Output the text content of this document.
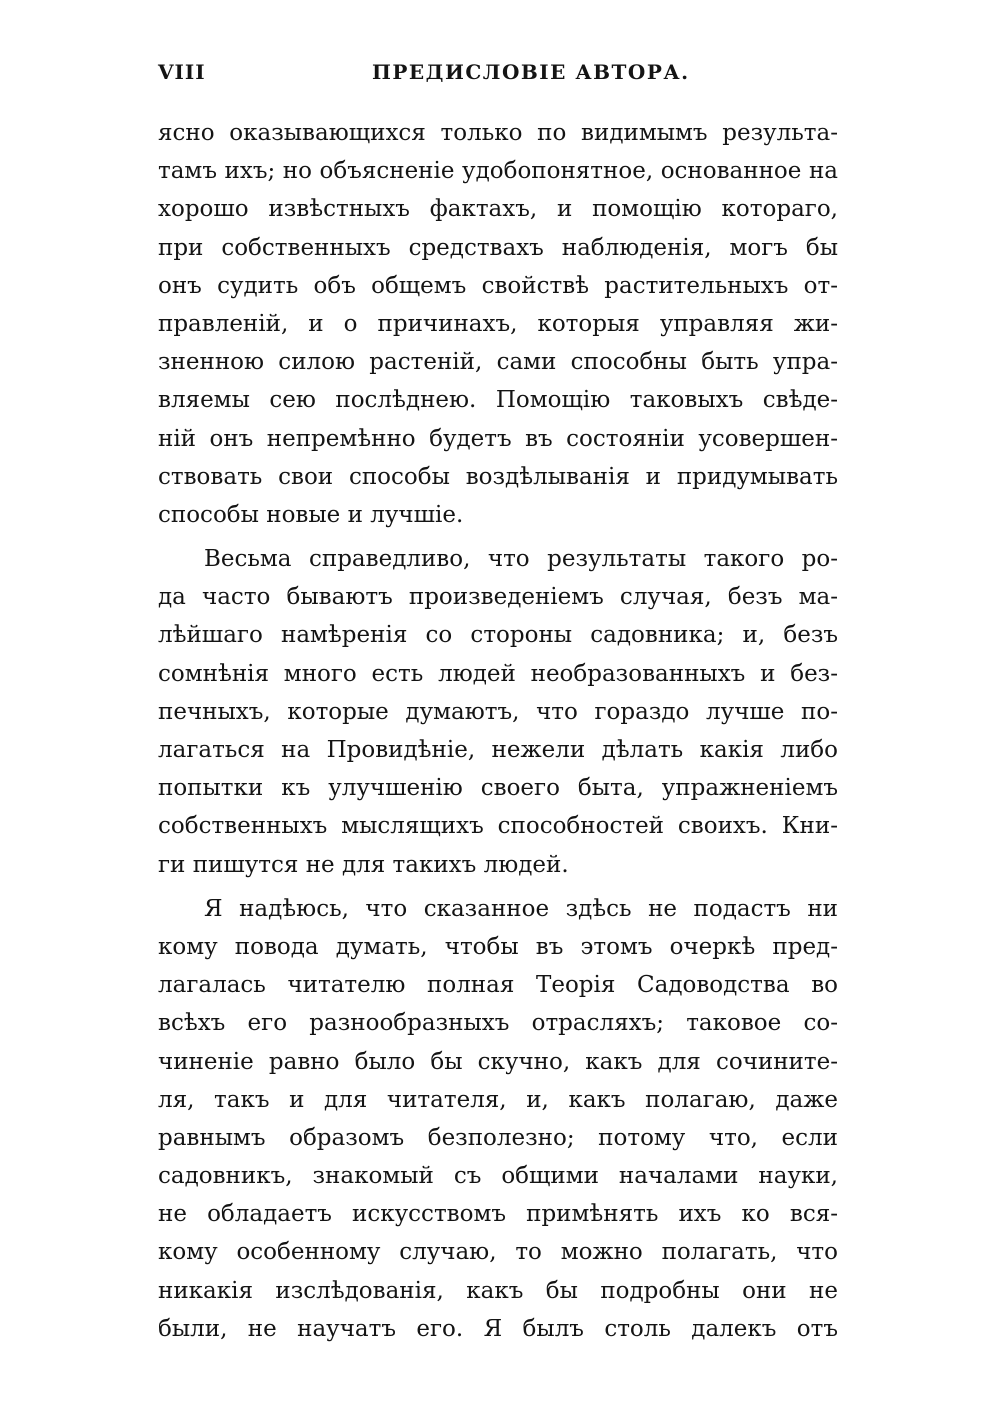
VIII	ПРЕДИСЛОВІЕ АВТОРА.
ясно оказывающихся только по видимымъ результа-
тамъ ихъ; но объясненіе удобопонятное, основанное на
хорошо извѣстныхъ фактахъ, и помощію котораго,
при собственныхъ средствахъ наблюденія, могъ бы
онъ судить объ общемъ свойствѣ растительныхъ от-
правленій, и о причинахъ, которыя управляя жи-
зненною силою растеній, сами способны быть упра-
вляемы сею послѣднею. Помощію таковыхъ свѣде-
ній онъ непремѣнно будетъ въ состояніи усовершен-
ствовать свои способы воздѣлыванія и придумывать
способы новые и лучшіе.
Весьма справедливо, что результаты такого ро-
да часто бываютъ произведеніемъ случая, безъ ма-
лѣйшаго намѣренія со стороны садовника; и, безъ
сомнѣнія много есть людей необразованныхъ и без-
печныхъ, которые думаютъ, что гораздо лучше по-
лагаться на Провидѣніе, нежели дѣлать какія либо
попытки къ улучшенію своего быта, упражненіемъ
собственныхъ мыслящихъ способностей своихъ. Кни-
ги пишутся не для такихъ людей.
Я надѣюсь, что сказанное здѣсь не подастъ ни
кому повода думать, чтобы въ этомъ очеркѣ пред-
лагалась читателю полная Теорія Садоводства во
всѣхъ его разнообразныхъ отрасляхъ; таковое со-
чиненіе равно было бы скучно, какъ для сочините-
ля, такъ и для читателя, и, какъ полагаю, даже
равнымъ образомъ безполезно; потому что, если
садовникъ, знакомый съ общими началами науки,
не обладаетъ искусствомъ примѣнять ихъ ко вся-
кому особенному случаю, то можно полагать, что
никакія изслѣдованія, какъ бы подробны они не
были, не научатъ его. Я былъ столь далекъ отъ
